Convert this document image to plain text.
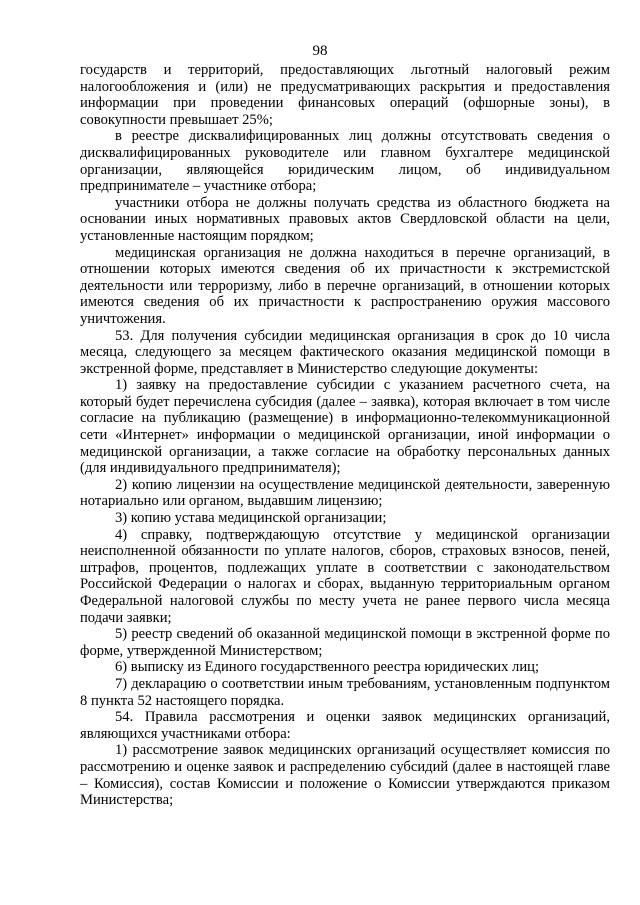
98

государств и территорий, предоставляющих льготный налоговый режим налогообложения и (или) не предусматривающих раскрытия и предоставления информации при проведении финансовых операций (офшорные зоны), в совокупности превышает 25%;

в реестре дисквалифицированных лиц должны отсутствовать сведения о дисквалифицированных руководителе или главном бухгалтере медицинской организации, являющейся юридическим лицом, об индивидуальном предпринимателе – участнике отбора;

участники отбора не должны получать средства из областного бюджета на основании иных нормативных правовых актов Свердловской области на цели, установленные настоящим порядком;

медицинская организация не должна находиться в перечне организаций, в отношении которых имеются сведения об их причастности к экстремистской деятельности или терроризму, либо в перечне организаций, в отношении которых имеются сведения об их причастности к распространению оружия массового уничтожения.

53. Для получения субсидии медицинская организация в срок до 10 числа месяца, следующего за месяцем фактического оказания медицинской помощи в экстренной форме, представляет в Министерство следующие документы:

1) заявку на предоставление субсидии с указанием расчетного счета, на который будет перечислена субсидия (далее – заявка), которая включает в том числе согласие на публикацию (размещение) в информационно-телекоммуникационной сети «Интернет» информации о медицинской организации, иной информации о медицинской организации, а также согласие на обработку персональных данных (для индивидуального предпринимателя);

2) копию лицензии на осуществление медицинской деятельности, заверенную нотариально или органом, выдавшим лицензию;

3) копию устава медицинской организации;

4) справку, подтверждающую отсутствие у медицинской организации неисполненной обязанности по уплате налогов, сборов, страховых взносов, пеней, штрафов, процентов, подлежащих уплате в соответствии с законодательством Российской Федерации о налогах и сборах, выданную территориальным органом Федеральной налоговой службы по месту учета не ранее первого числа месяца подачи заявки;

5) реестр сведений об оказанной медицинской помощи в экстренной форме по форме, утвержденной Министерством;

6) выписку из Единого государственного реестра юридических лиц;

7) декларацию о соответствии иным требованиям, установленным подпунктом 8 пункта 52 настоящего порядка.

54. Правила рассмотрения и оценки заявок медицинских организаций, являющихся участниками отбора:

1) рассмотрение заявок медицинских организаций осуществляет комиссия по рассмотрению и оценке заявок и распределению субсидий (далее в настоящей главе – Комиссия), состав Комиссии и положение о Комиссии утверждаются приказом Министерства;
